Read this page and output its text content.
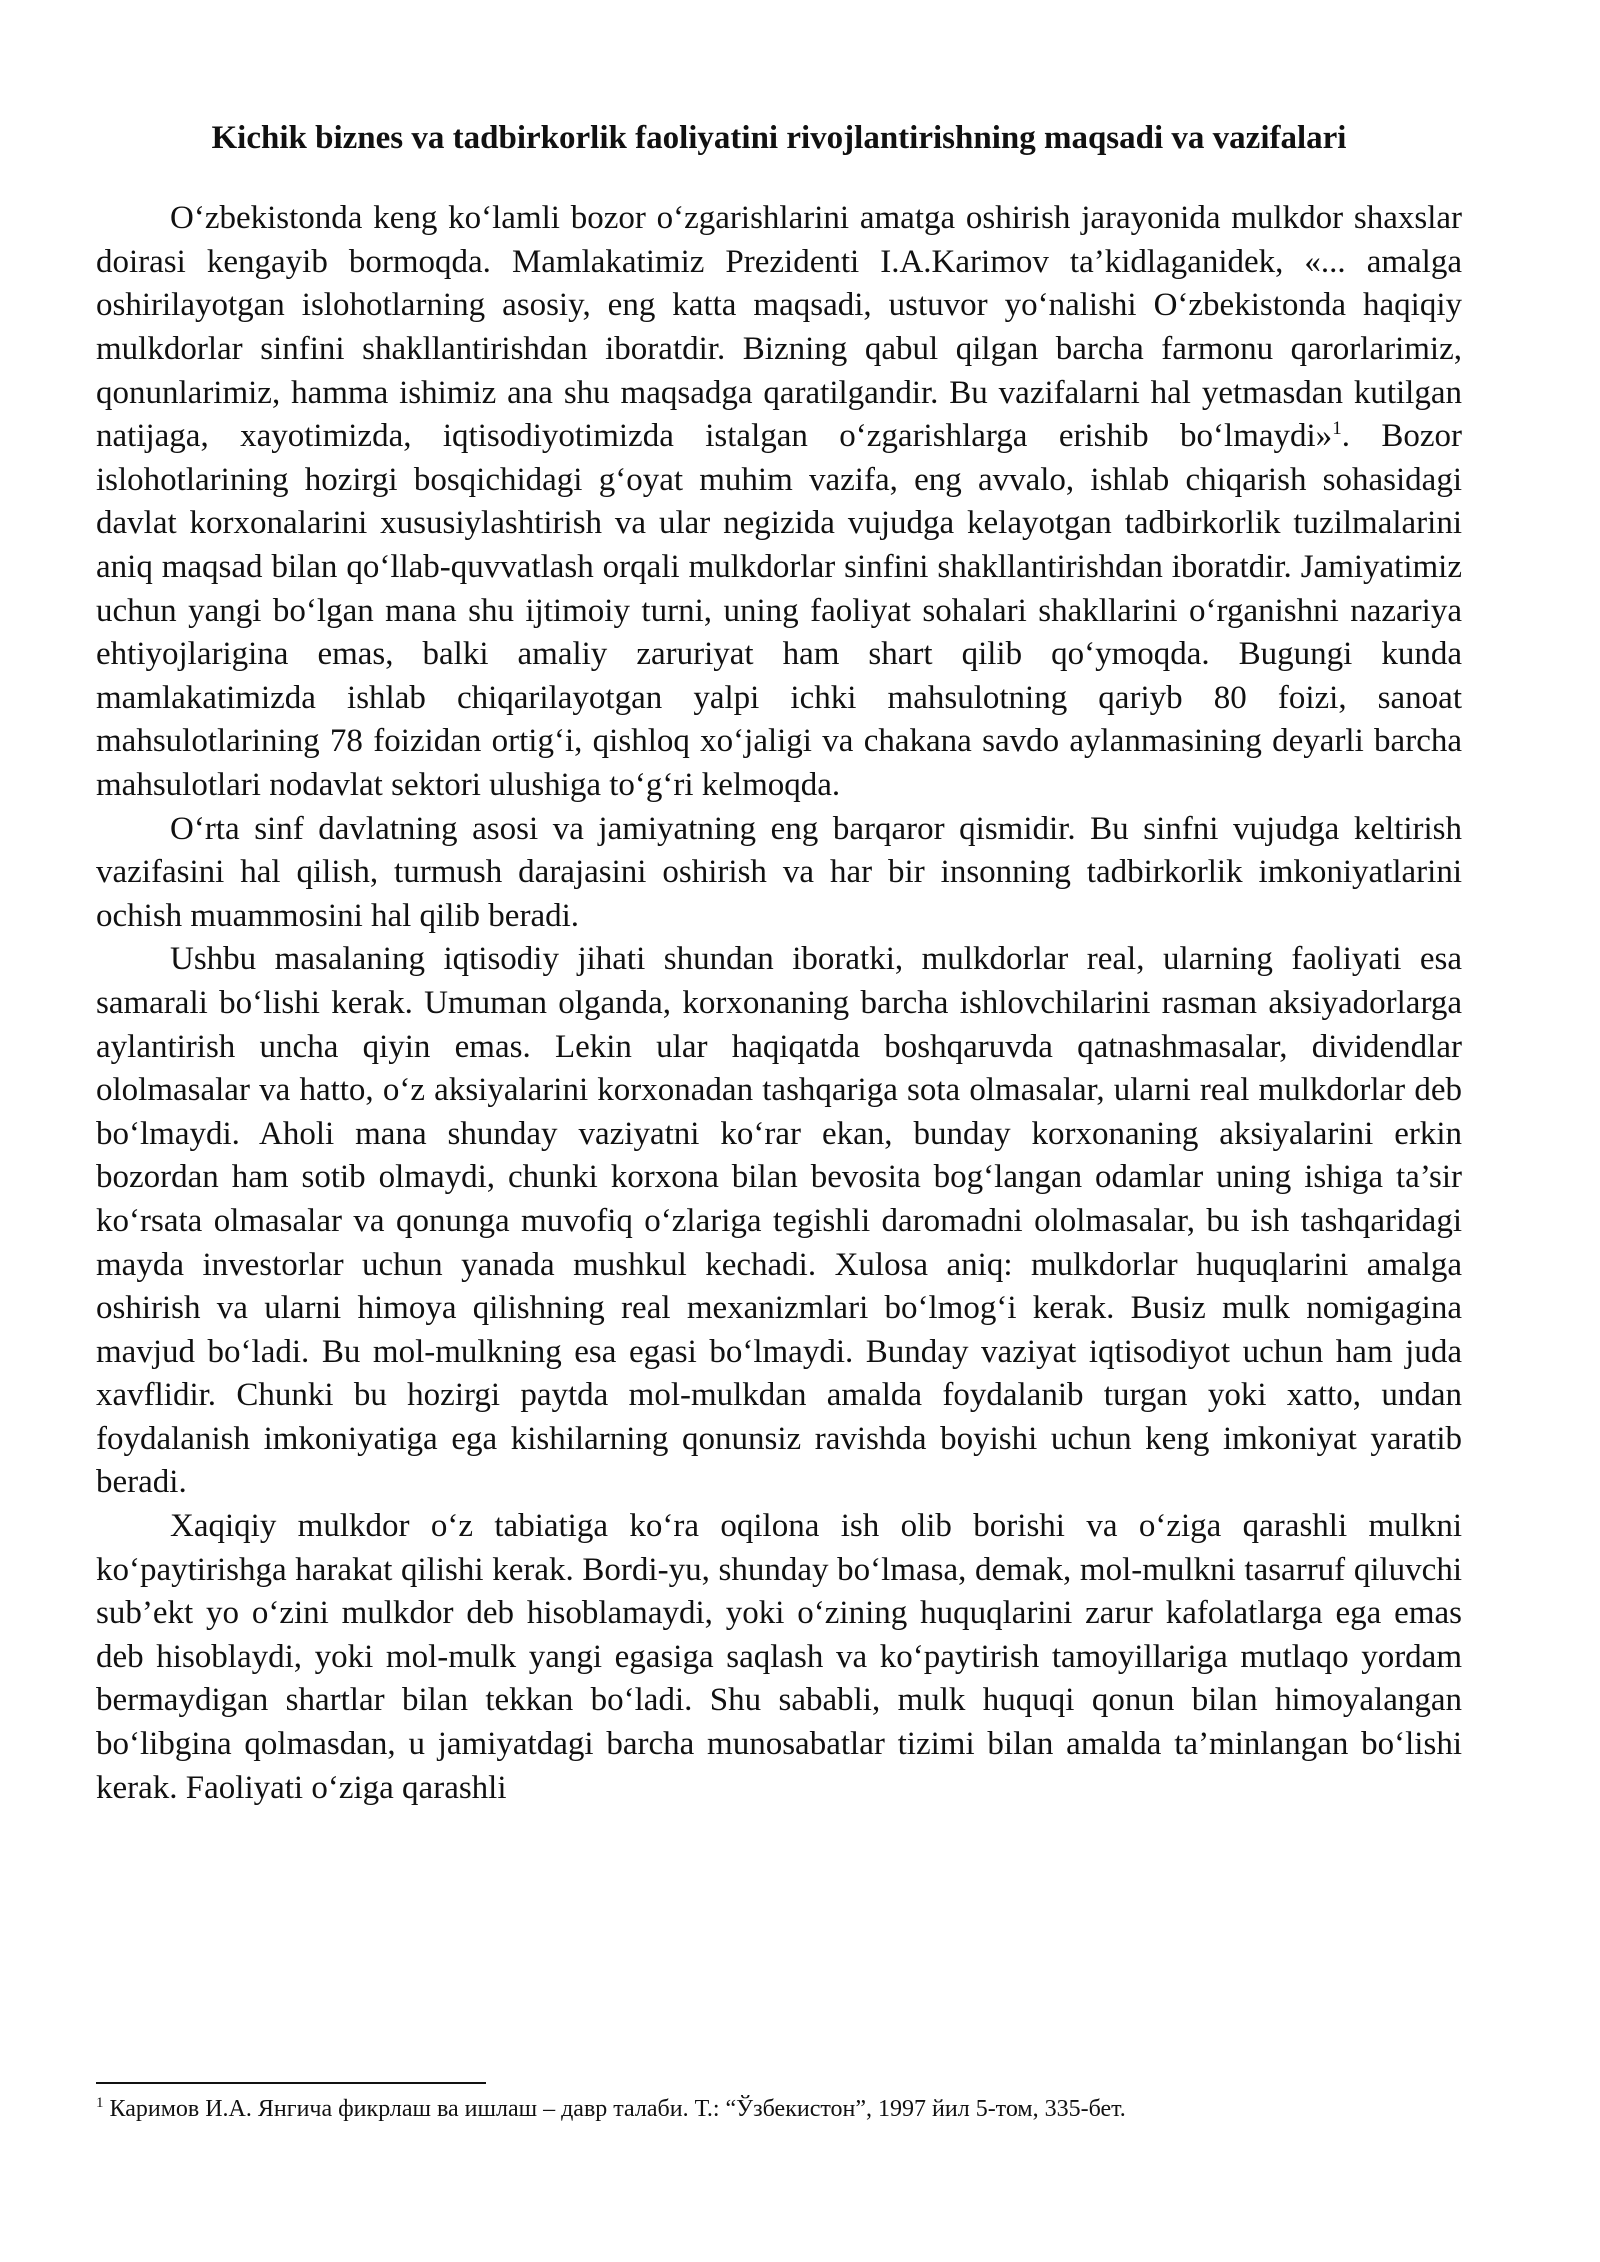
Kichik biznes va tadbirkorlik faoliyatini rivojlantirishning maqsadi va vazifalari

O‘zbekistonda keng ko‘lamli bozor o‘zgarishlarini amatga oshirish jarayonida mulkdor shaxslar doirasi kengayib bormoqda. Mamlakatimiz Prezidenti I.A.Karimov ta’kidlaganidek, «... amalga oshirilayotgan islohotlarning asosiy, eng katta maqsadi, ustuvor yo‘nalishi O‘zbekistonda haqiqiy mulkdorlar sinfini shakllantirishdan iboratdir. Bizning qabul qilgan barcha farmonu qarorlarimiz, qonunlarimiz, hamma ishimiz ana shu maqsadga qaratilgandir. Bu vazifalarni hal yetmasdan kutilgan natijaga, xayotimizda, iqtisodiyotimizda istalgan o‘zgarishlarga erishib bo‘lmaydi»$^1$. Bozor islohotlarining hozirgi bosqichidagi g‘oyat muhim vazifa, eng avvalo, ishlab chiqarish sohasidagi davlat korxonalarini xususiylashtirish va ular negizida vujudga kelayotgan tadbirkorlik tuzilmalarini aniq maqsad bilan qo‘llab-quvvatlash orqali mulkdorlar sinfini shakllantirishdan iboratdir. Jamiyatimiz uchun yangi bo‘lgan mana shu ijtimoiy turni, uning faoliyat sohalari shakllarini o‘rganishni nazariya ehtiyojlarigina emas, balki amaliy zaruriyat ham shart qilib qo‘ymoqda. Bugungi kunda mamlakatimizda ishlab chiqarilayotgan yalpi ichki mahsulotning qariyb 80 foizi, sanoat mahsulotlarining 78 foizidan ortig‘i, qishloq xo‘jaligi va chakana savdo aylanmasining deyarli barcha mahsulotlari nodavlat sektori ulushiga to‘g‘ri kelmoqda.

O‘rta sinf davlatning asosi va jamiyatning eng barqaror qismidir. Bu sinfni vujudga keltirish vazifasini hal qilish, turmush darajasini oshirish va har bir insonning tadbirkorlik imkoniyatlarini ochish muammosini hal qilib beradi.

Ushbu masalaning iqtisodiy jihati shundan iboratki, mulkdorlar real, ularning faoliyati esa samarali bo‘lishi kerak. Umuman olganda, korxonaning barcha ishlovchilarini rasman aksiyadorlarga aylantirish uncha qiyin emas. Lekin ular haqiqatda boshqaruvda qatnashmasalar, dividendlar ololmasalar va hatto, o‘z aksiyalarini korxonadan tashqariga sota olmasalar, ularni real mulkdorlar deb bo‘lmaydi. Aholi mana shunday vaziyatni ko‘rar ekan, bunday korxonaning aksiyalarini erkin bozordan ham sotib olmaydi, chunki korxona bilan bevosita bog‘langan odamlar uning ishiga ta’sir ko‘rsata olmasalar va qonunga muvofiq o‘zlariga tegishli daromadni ololmasalar, bu ish tashqaridagi mayda investorlar uchun yanada mushkul kechadi. Xulosa aniq: mulkdorlar huquqlarini amalga oshirish va ularni himoya qilishning real mexanizmlari bo‘lmog‘i kerak. Busiz mulk nomigagina mavjud bo‘ladi. Bu mol-mulkning esa egasi bo‘lmaydi. Bunday vaziyat iqtisodiyot uchun ham juda xavflidir. Chunki bu hozirgi paytda mol-mulkdan amalda foydalanib turgan yoki xatto, undan foydalanish imkoniyatiga ega kishilarning qonunsiz ravishda boyishi uchun keng imkoniyat yaratib beradi.

Xaqiqiy mulkdor o‘z tabiatiga ko‘ra oqilona ish olib borishi va o‘ziga qarashli mulkni ko‘paytirishga harakat qilishi kerak. Bordi-yu, shunday bo‘lmasa, demak, mol-mulkni tasarruf qiluvchi sub’ekt yo o‘zini mulkdor deb hisoblamaydi, yoki o‘zining huquqlarini zarur kafolatlarga ega emas deb hisoblaydi, yoki mol-mulk yangi egasiga saqlash va ko‘paytirish tamoyillariga mutlaqo yordam bermaydigan shartlar bilan tekkan bo‘ladi. Shu sababli, mulk huquqi qonun bilan himoyalangan bo‘libgina qolmasdan, u jamiyatdagi barcha munosabatlar tizimi bilan amalda ta’minlangan bo‘lishi kerak. Faoliyati o‘ziga qarashli

$^1$ Каримов И.А. Янгича фикрлаш ва ишлаш – давр талаби. Т.: “Ўзбекистон”, 1997 йил 5-том, 335-бет.
